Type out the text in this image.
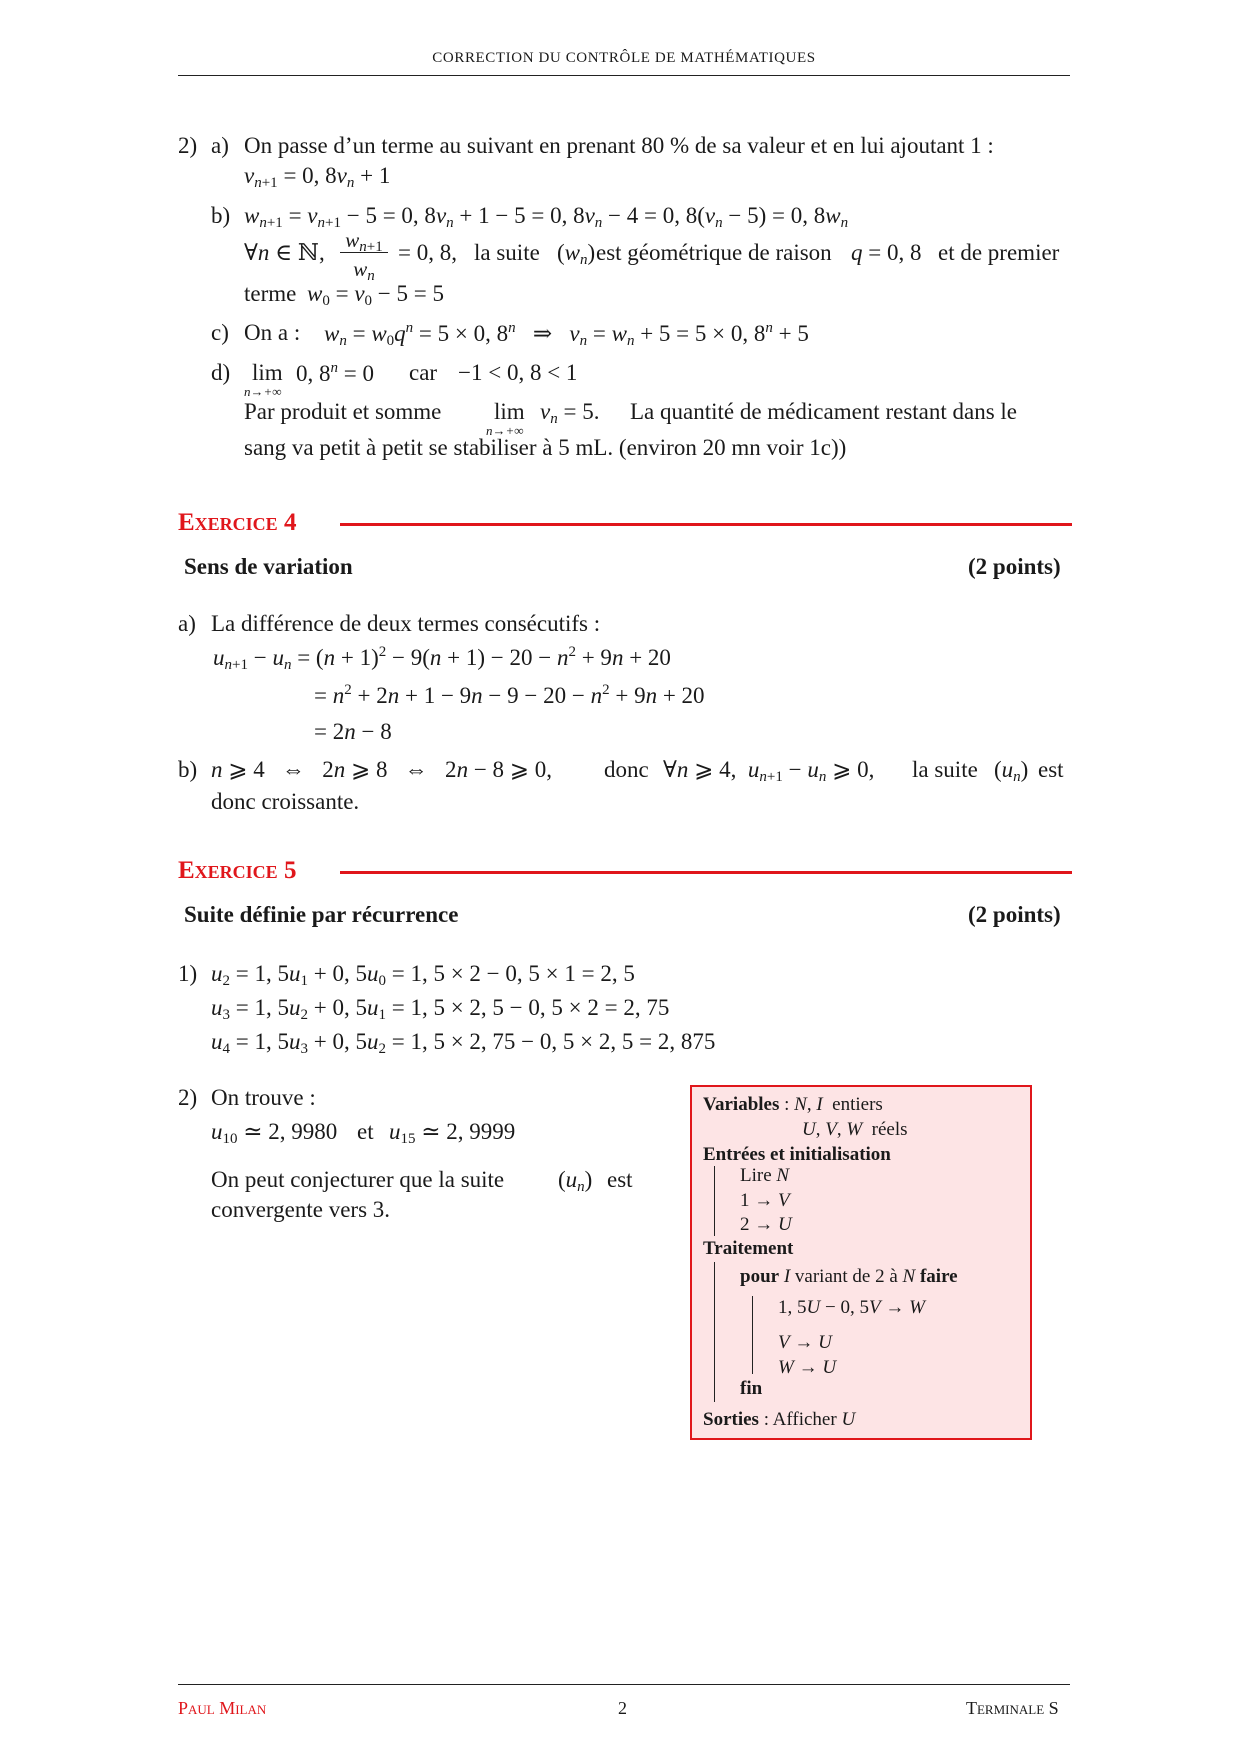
CORRECTION DU CONTRÔLE DE MATHÉMATIQUES
2) a) On passe d’un terme au suivant en prenant 80 % de sa valeur et en lui ajoutant 1 :
$v_{n+1} = 0$, $8v_n + 1$
b) $w_{n+1} = v_{n+1} - 5 = 0$, $8v_n + 1 - 5 = 0$, $8v_n - 4 = 0$, $8(v_n - 5) = 0$, $8w_n$
∀n ∈ ℕ, $w_{n+1}$
$w_n$
= 0, 8, la suite $(w_n)$ est géométrique de raison q = 0, 8 et de premier
terme $w_0 = v_0 - 5 = 5$
c) On a : $w_n = w_0q^n = 5 \times 0$, 8$^n$   ⇒   $v_n = w_n + 5 = 5 \times 0$, $8^n + 5$
d) lim
n→+∞
0, $8^n = 0$ car −1 < 0, 8 < 1
Par produit et somme lim
n→+∞
$v_n = 5$. La quantité de médicament restant dans le
sang va petit à petit se stabiliser à 5 mL. (environ 20 mn voir 1c))
Exercice 4
Sens de variation	(2 points)
a) La différence de deux termes consécutifs :
$u_{n+1} - u_n = (n + 1)^2 - 9(n + 1) - 20 - n^2 + 9n + 20$
= $n^2 + 2n + 1 - 9n - 9 - 20 - n^2 + 9n + 20$
= 2n − 8
b) n ⩾ 4   ⇔   2n ⩾ 8   ⇔   2n − 8 ⩾ 0, donc ∀n ⩾ 4,  $u_{n+1} - u_n$ ⩾ 0, la suite $(u_n)$ est
donc croissante.
Exercice 5
Suite définie par récurrence	(2 points)
1) $u_2 = 1$, $5u_1 + 0$, $5u_0 = 1$, 5 × 2 − 0, 5 × 1 = 2, 5
$u_3 = 1$, $5u_2 + 0$, $5u_1 = 1$, 5 × 2, 5 − 0, 5 × 2 = 2, 75
$u_4 = 1$, $5u_3 + 0$, $5u_2 = 1$, 5 × 2, 75 − 0, 5 × 2, 5 = 2, 875
2) On trouve :
$u_{10}$ ≃ 2, 9980 et $u_{15}$ ≃ 2, 9999
On peut conjecturer que la suite $(u_n)$ est
convergente vers 3.
Variables : N, I entiers
U, V, W réels
Entrées et initialisation
Lire N
1 → V
2 → U
Traitement
pour I variant de 2 à N faire
1, 5U − 0, 5V → W
V → U
W → U
fin
Sorties : Afficher U
Paul Milan	2	Terminale S
